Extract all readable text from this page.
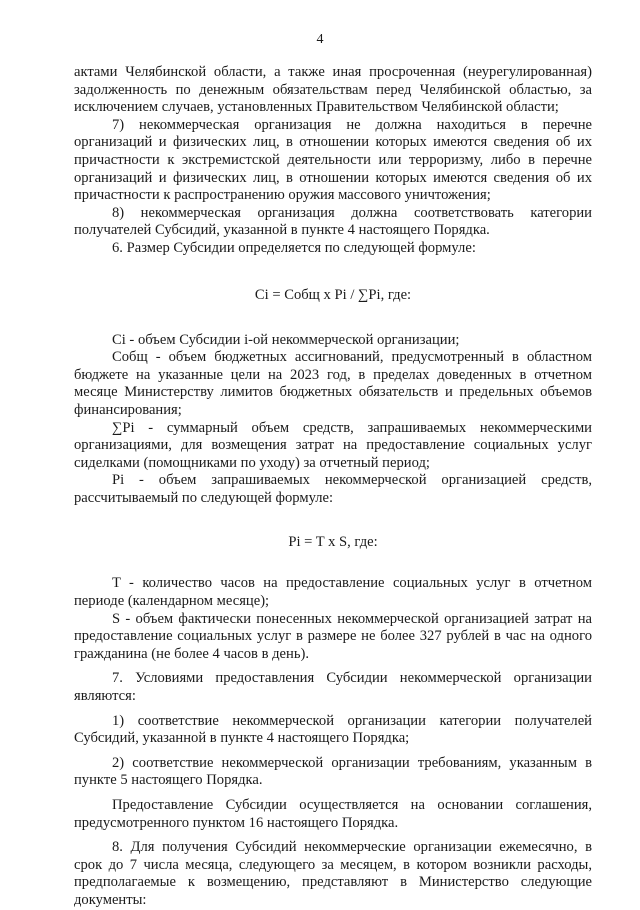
4

актами Челябинской области, а также иная просроченная (неурегулированная) задолженность по денежным обязательствам перед Челябинской областью, за исключением случаев, установленных Правительством Челябинской области;

7) некоммерческая организация не должна находиться в перечне организаций и физических лиц, в отношении которых имеются сведения об их причастности к экстремистской деятельности или терроризму, либо в перечне организаций и физических лиц, в отношении которых имеются сведения об их причастности к распространению оружия массового уничтожения;

8) некоммерческая организация должна соответствовать категории получателей Субсидий, указанной в пункте 4 настоящего Порядка.

6. Размер Субсидии определяется по следующей формуле:

Ci = Cобщ x Pi / ∑Pi, где:

Ci - объем Субсидии i-ой некоммерческой организации;

Cобщ - объем бюджетных ассигнований, предусмотренный в областном бюджете на указанные цели на 2023 год, в пределах доведенных в отчетном месяце Министерству лимитов бюджетных обязательств и предельных объемов финансирования;

∑Pi - суммарный объем средств, запрашиваемых некоммерческими организациями, для возмещения затрат на предоставление социальных услуг сиделками (помощниками по уходу) за отчетный период;

Pi - объем запрашиваемых некоммерческой организацией средств, рассчитываемый по следующей формуле:

Pi = T x S, где:

T - количество часов на предоставление социальных услуг в отчетном периоде (календарном месяце);

S - объем фактически понесенных некоммерческой организацией затрат на предоставление социальных услуг в размере не более 327 рублей в час на одного гражданина (не более 4 часов в день).

7. Условиями предоставления Субсидии некоммерческой организации являются:

1) соответствие некоммерческой организации категории получателей Субсидий, указанной в пункте 4 настоящего Порядка;

2) соответствие некоммерческой организации требованиям, указанным в пункте 5 настоящего Порядка.

Предоставление Субсидии осуществляется на основании соглашения, предусмотренного пунктом 16 настоящего Порядка.

8. Для получения Субсидий некоммерческие организации ежемесячно, в срок до 7 числа месяца, следующего за месяцем, в котором возникли расходы, предполагаемые к возмещению, представляют в Министерство следующие документы:
